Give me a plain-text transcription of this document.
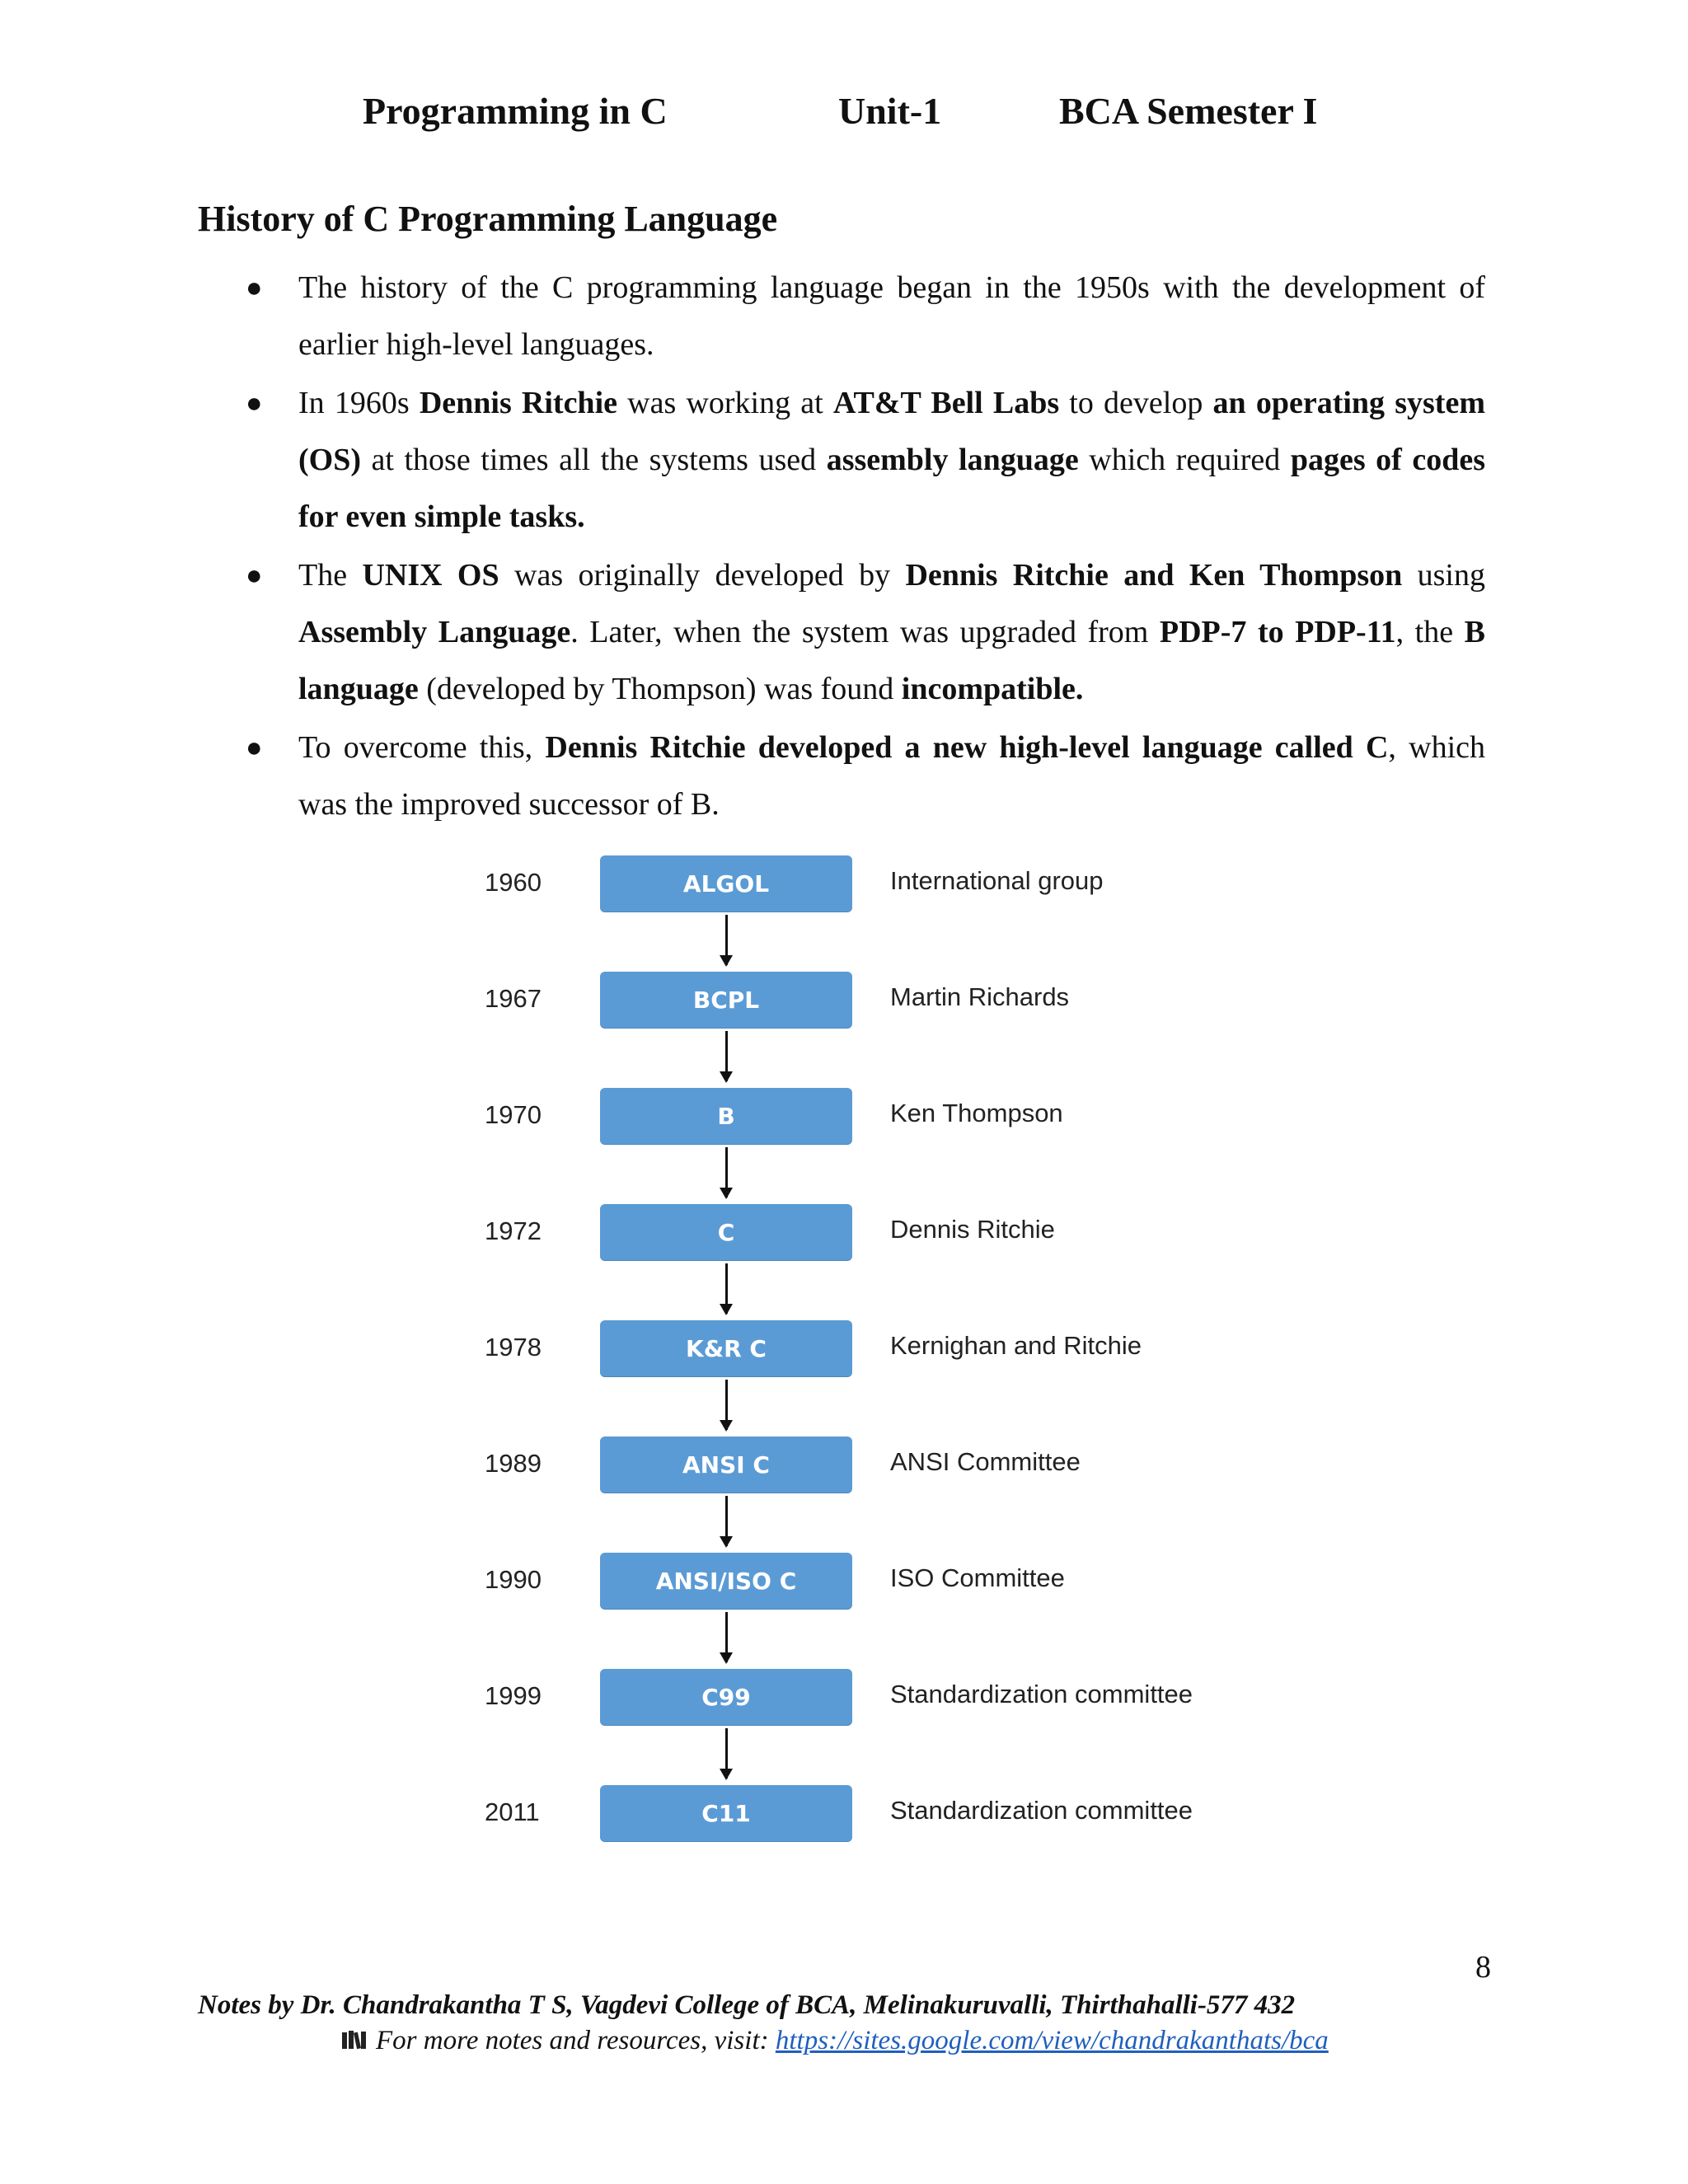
Programming in C	Unit-1	BCA Semester I
History of C Programming Language
● The history of the C programming language began in the 1950s with the development of earlier high-level languages.
● In 1960s Dennis Ritchie was working at AT&T Bell Labs to develop an operating system (OS) at those times all the systems used assembly language which required pages of codes for even simple tasks.
● The UNIX OS was originally developed by Dennis Ritchie and Ken Thompson using Assembly Language. Later, when the system was upgraded from PDP-7 to PDP-11, the B language (developed by Thompson) was found incompatible.
● To overcome this, Dennis Ritchie developed a new high-level language called C, which was the improved successor of B.
1960	ALGOL	International group
1967	BCPL	Martin Richards
1970	B	Ken Thompson
1972	C	Dennis Ritchie
1978	K&R C	Kernighan and Ritchie
1989	ANSI C	ANSI Committee
1990	ANSI/ISO C	ISO Committee
1999	C99	Standardization committee
2011	C11	Standardization committee
8
Notes by Dr. Chandrakantha T S, Vagdevi College of BCA, Melinakuruvalli, Thirthahalli-577 432
For more notes and resources, visit: https://sites.google.com/view/chandrakanthats/bca
